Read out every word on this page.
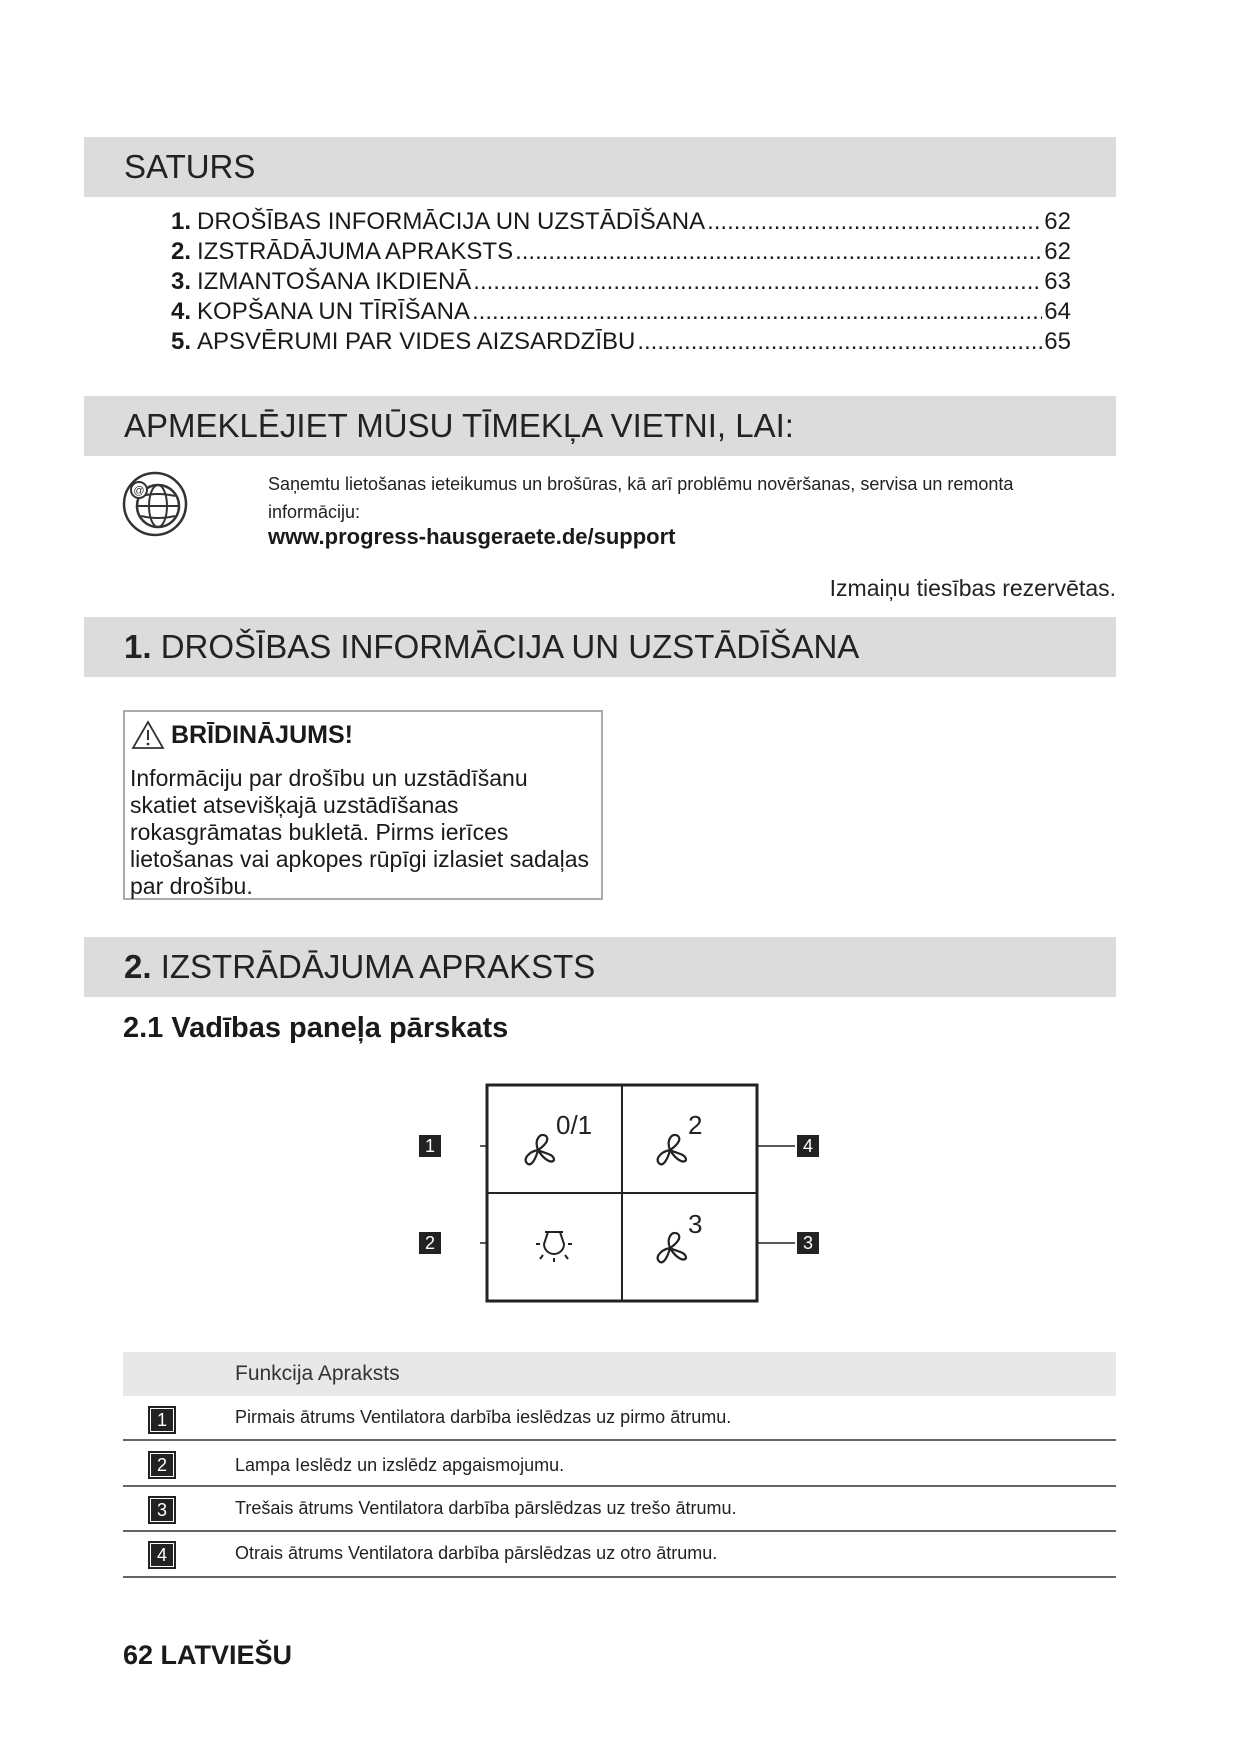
SATURS
1. DROŠĪBAS INFORMĀCIJA UN UZSTĀDĪŠANA .....	62
2. IZSTRĀDĀJUMA APRAKSTS .....	62
3. IZMANTOŠANA IKDIENĀ .....	63
4. KOPŠANA UN TĪRĪŠANA .....	64
5. APSVĒRUMI PAR VIDES AIZSARDZĪBU .....	65
APMEKLĒJIET MŪSU TĪMEKĻA VIETNI, LAI:
@	Saņemtu lietošanas ieteikumus un brošūras, kā arī problēmu novēršanas, servisa un remonta informāciju:
www.progress-hausgeraete.de/support
Izmaiņu tiesības rezervētas.
1. DROŠĪBAS INFORMĀCIJA UN UZSTĀDĪŠANA
BRĪDINĀJUMS!
Informāciju par drošību un uzstādīšanu skatiet atsevišķajā uzstādīšanas rokasgrāmatas bukletā. Pirms ierīces lietošanas vai apkopes rūpīgi izlasiet sadaļas par drošību.
2. IZSTRĀDĀJUMA APRAKSTS
2.1 Vadības paneļa pārskats
0/1	2
3
1
2
4
3
Funkcija Apraksts
1	Pirmais ātrums Ventilatora darbība ieslēdzas uz pirmo ātrumu.
2	Lampa Ieslēdz un izslēdz apgaismojumu.
3	Trešais ātrums Ventilatora darbība pārslēdzas uz trešo ātrumu.
4	Otrais ātrums Ventilatora darbība pārslēdzas uz otro ātrumu.
62 LATVIEŠU
